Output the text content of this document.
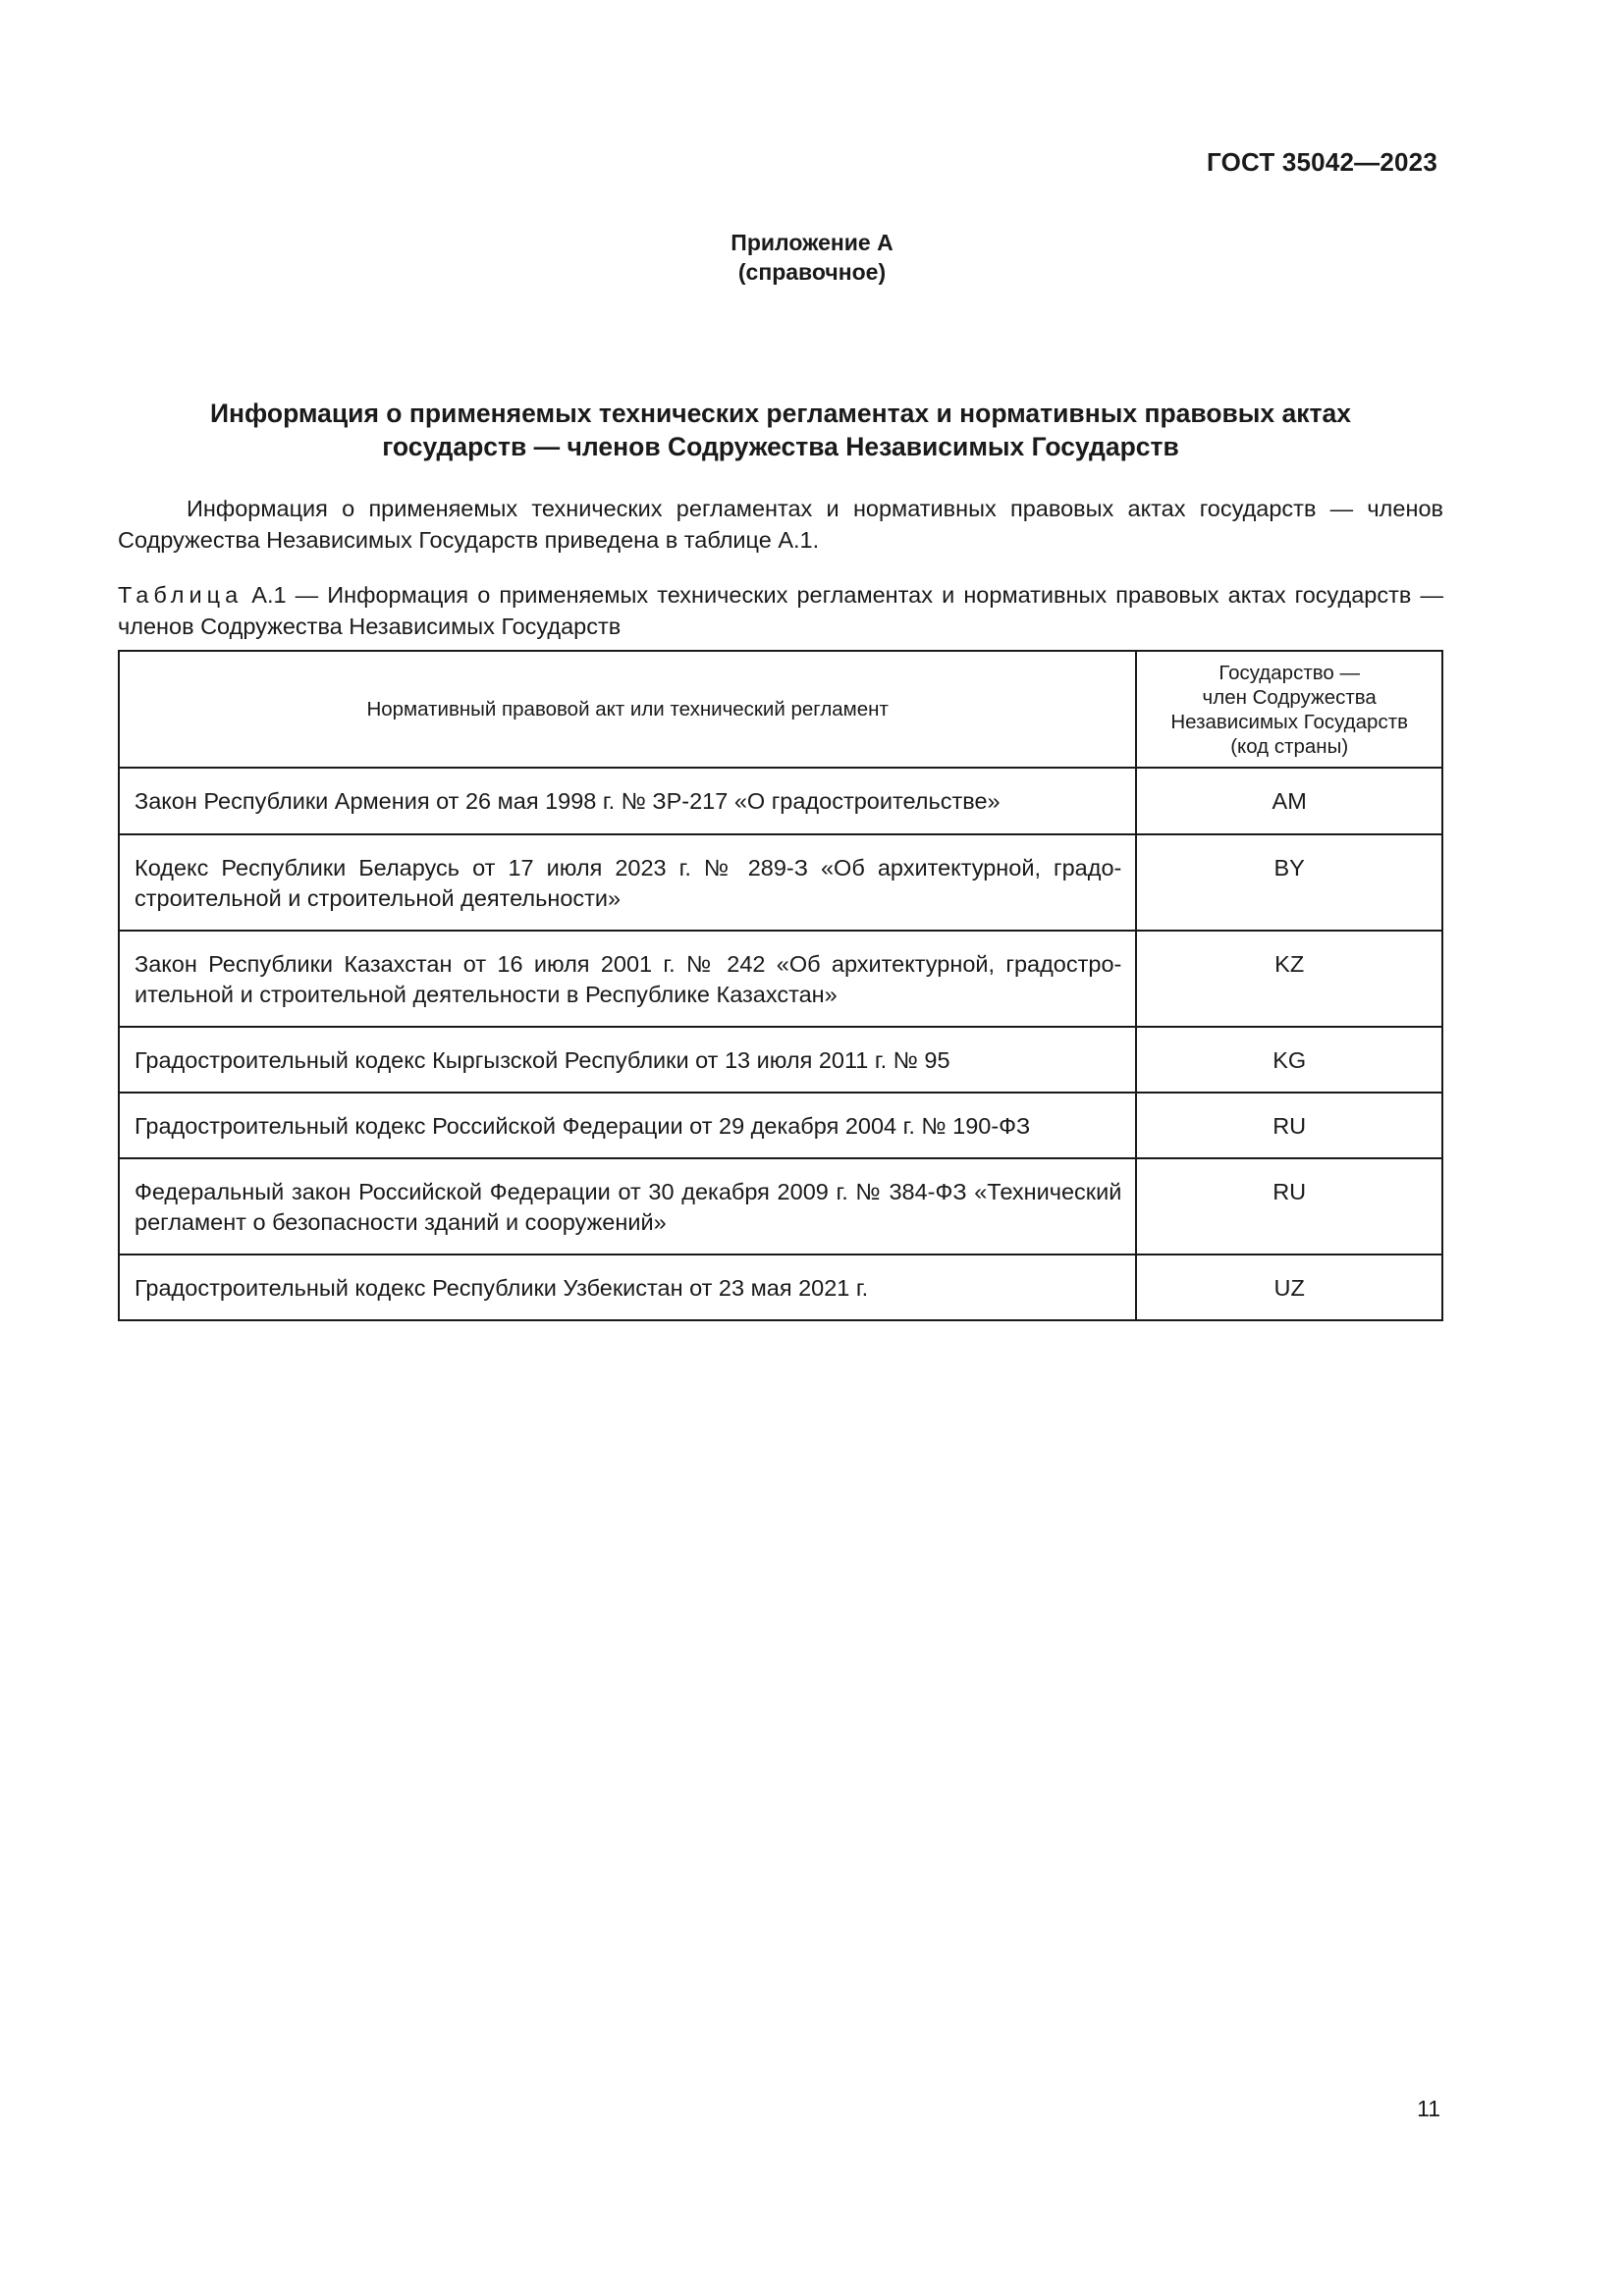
ГОСТ 35042—2023
Приложение А
(справочное)
Информация о применяемых технических регламентах и нормативных правовых актах
государств — членов Содружества Независимых Государств

Информация о применяемых технических регламентах и нормативных правовых актах государств — членов Содружества Независимых Государств приведена в таблице А.1.

Таблица А.1 — Информация о применяемых технических регламентах и нормативных правовых актах государств — членов Содружества Независимых Государств
Нормативный правовой акт или технический регламент	Государство —
член Содружества
Независимых Государств
(код страны)

Закон Республики Армения от 26 мая 1998 г. № ЗР-217 «О градостроительстве»	AM
Кодекс Республики Беларусь от 17 июля 2023 г. № 289-З «Об архитектурной, градостроительной и строительной деятельности»	BY
Закон Республики Казахстан от 16 июля 2001 г. № 242 «Об архитектурной, градостроительной и строительной деятельности в Республике Казахстан»	KZ
Градостроительный кодекс Кыргызской Республики от 13 июля 2011 г. № 95	KG
Градостроительный кодекс Российской Федерации от 29 декабря 2004 г. № 190-ФЗ	RU
Федеральный закон Российской Федерации от 30 декабря 2009 г. № 384-ФЗ «Технический регламент о безопасности зданий и сооружений»	RU
Градостроительный кодекс Республики Узбекистан от 23 мая 2021 г.	UZ
11
